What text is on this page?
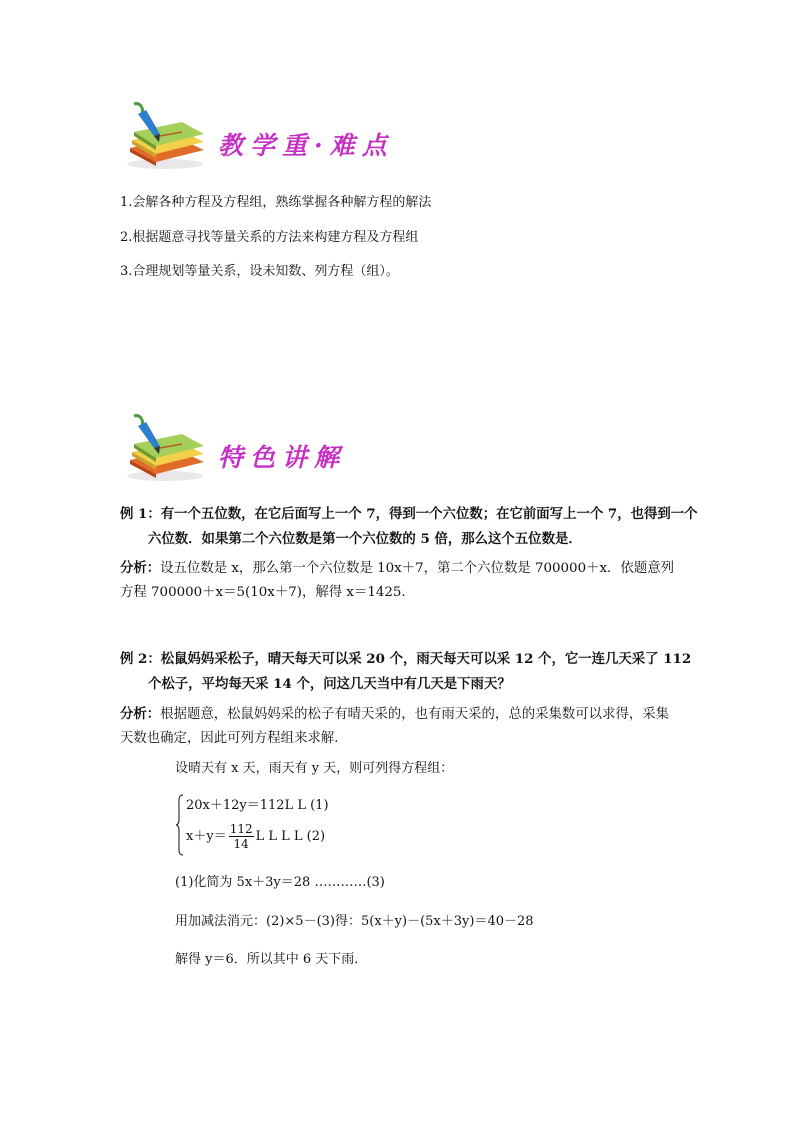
教学重·难点
1.会解各种方程及方程组，熟练掌握各种解方程的解法
2.根据题意寻找等量关系的方法来构建方程及方程组
3.合理规划等量关系，设未知数、列方程（组）。
特色讲解
例 1：有一个五位数，在它后面写上一个 7，得到一个六位数；在它前面写上一个 7，也得到一个六位数．如果第二个六位数是第一个六位数的 5 倍，那么这个五位数是．
分析：设五位数是 x，那么第一个六位数是 10x＋7，第二个六位数是 700000＋x．依题意列方程 700000＋x＝5(10x＋7)，解得 x＝1425．
例 2：松鼠妈妈采松子，晴天每天可以采 20 个，雨天每天可以采 12 个，它一连几天采了 112 个松子，平均每天采 14 个，问这几天当中有几天是下雨天？
分析：根据题意，松鼠妈妈采的松子有晴天采的，也有雨天采的，总的采集数可以求得，采集天数也确定，因此可列方程组来求解．
设晴天有 x 天，雨天有 y 天，则可列得方程组：
20x＋12y＝112L L (1)
$x+y= \frac{112}{14}$ L L L L (2)
(1)化简为 5x＋3y＝28 …………(3)
用加减法消元：(2)×5－(3)得：5(x＋y)－(5x＋3y)＝40－28
解得 y＝6．所以其中 6 天下雨．
